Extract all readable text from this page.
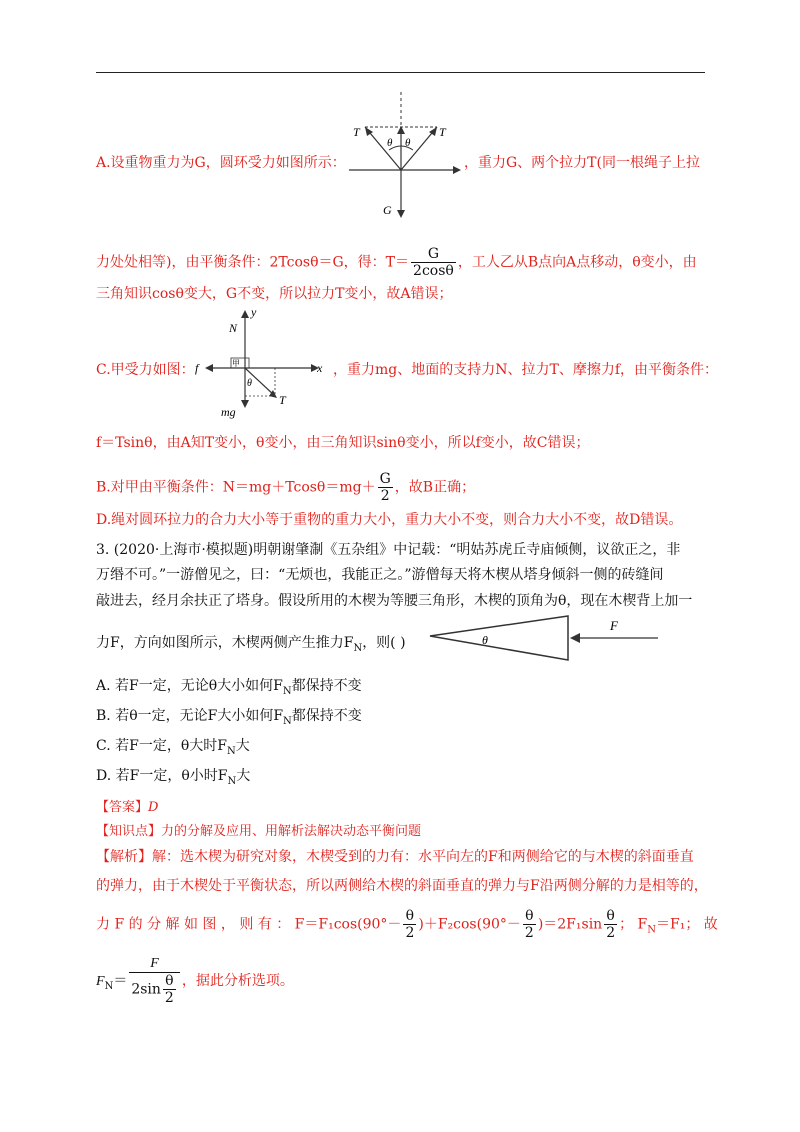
A.设重物重力为G，圆环受力如图所示：	，重力G、两个拉力T(同一根绳子上拉
T	T
θ θ
G
力处处相等)，由平衡条件：2Tcosθ＝G，得：$T= \frac{G}{2\cos\theta}$ ，工人乙从B点向A点移动，θ变小，由
三角知识cosθ变大，G不变，所以拉力T变小，故A错误；
C.甲受力如图：	，重力mg、地面的支持力N、拉力T、摩擦力f，由平衡条件：
N
y
f	x
T
mg
θ
甲
f＝Tsinθ，由A知T变小，θ变小，由三角知识sinθ变小，所以f变小，故C错误；
B.对甲由平衡条件：$N=mg+Tcos\theta=mg+ \frac{G}{2}$ ，故B正确；
D.绳对圆环拉力的合力大小等于重物的重力大小，重力大小不变，则合力大小不变，故D错误。
3. (2020·上海市·模拟题)明朝谢肇淛《五杂组》中记载：“明姑苏虎丘寺庙倾侧，议欲正之，非
万缗不可。”一游僧见之，曰：“无烦也，我能正之。”游僧每天将木楔从塔身倾斜一侧的砖缝间
敲进去，经月余扶正了塔身。假设所用的木楔为等腰三角形，木楔的顶角为θ，现在木楔背上加一
力F，方向如图所示，木楔两侧产生推力$F_N$，则( )	θ
F
A. 若F一定，无论θ大小如何$F_N$都保持不变
B. 若θ一定，无论F大小如何$F_N$都保持不变
C. 若F一定，θ大时$F_N$大
D. 若F一定，θ小时$F_N$大
【答案】D
【知识点】力的分解及应用、用解析法解决动态平衡问题
【解析】解：选木楔为研究对象，木楔受到的力有：水平向左的F和两侧给它的与木楔的斜面垂直
的弹力，由于木楔处于平衡状态，所以两侧给木楔的斜面垂直的弹力与F沿两侧分解的力是相等的，
力 F 的 分 解 如 图 ， 则 有 ： $F=F_1\cos(90^\circ- \frac{\theta}{2} )+F_2\cos(90^\circ- \frac{\theta}{2} )=2F_1\sin \frac{\theta}{2}$ ； $F_N=F_1$； 故
$F_N= \frac{F}{2\sin \frac{\theta}{2}}$ ，据此分析选项。
